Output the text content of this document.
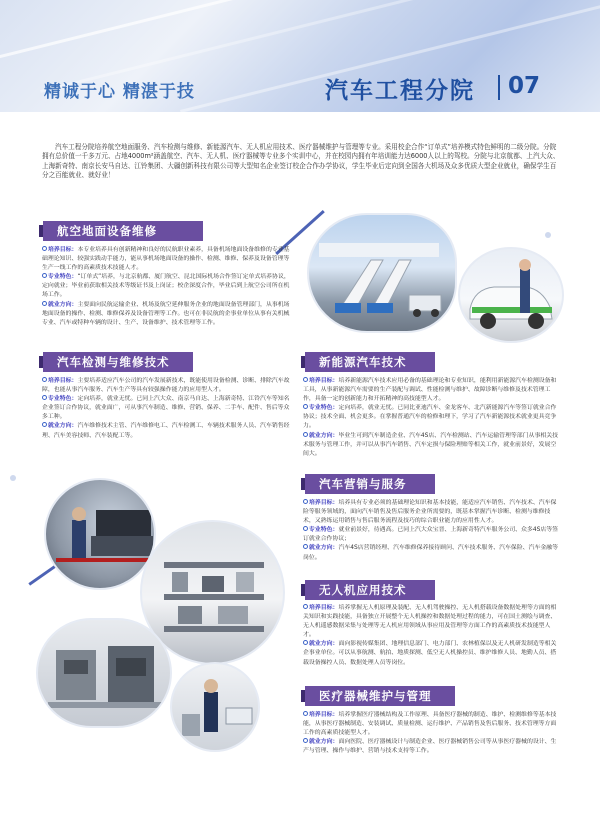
精诚于心 精湛于技	汽车工程分院 07
汽车工程分院培养航空地面服务、汽车检测与维修、新能源汽车、无人机应用技术、医疗器械维护与管理等专业。采用校企合作“订单式”培养模式特色鲜明的二级分院。分院拥有总价值一千多万元、占地4000m²涵盖航空、汽车、无人机、医疗器械等专业多个实训中心，并在校园内拥有年培训能力达6000人以上的驾校。分院与北京航都、上汽大众、上海新奇特、南京长安马自达、江铃集团、大疆创新科技有限公司等大型知名企业签订校企合作办学协议，学生毕业后定向到全国各大机场及众多优质大型企业就业，确保学生百分之百能就业、就好业！
航空地面设备维修

培养目标：本专业培养具有创新精神和良好的民航职业素养，具备机场地面设备维修的专业基础理论知识、较强实践动手能力，能从事机场地面设备的操作、检测、维修、保养及设备管理等生产一线工作的高素质技术技能人才。

专业特色：“订单式”培养，与北京航都、厦门航空、昆北国际机场合作签订定单式培养协议，定向就业；毕业前获取相关技术等级证书及上岗证；校企深度合作，毕业后到上航空公司所在机场工作。

就业方向：主要面向民航运输企业、机场及航空延伸服务企业的地面设备管理部门，从事机场地面设备的操作、检测、维修保养及设备管理等工作。也可在非民航的企事业单位从事有关机械专业、汽车或特种车辆的设计、生产、设备维护、技术管理等工作。

汽车检测与维修技术

培养目标：主要培养适应汽车公司的汽车发展新技术，既能使用设备检测、诊断、排除汽车故障，也能从事汽车服务、汽车生产等具有较强操作能力的应用型人才。

专业特色：定向培养，就业无忧。已同上汽大众、南京马自达、上海新奇特、江铃汽车等知名企业签订合作协议，就业面广，可从事汽车制造、维修、营销、保养、二手车、配件、售后等众多工种。

就业方向：汽车维修技术主管、汽车维修电工、汽车检测工、车辆技术服务人员、汽车销售经理、汽车美容技师、汽车装配工等。

新能源汽车技术

培养目标：培养新能源汽车技术应用必备的基础理论和专业知识，能利用新能源汽车检测设备和工具，从事新能源汽车需要的生产装配与调试、性能检测与维护、故障诊断与维修及技术管理工作，具备一定的创新能力和开拓精神的高技能型人才。

专业特色：定向培养，就业无忧。已同比亚迪汽车、金龙客车、北汽新能源汽车等签订就业合作协议；技术全面、机会更多。在掌握普通汽车的检修和理下，学习了汽车新能源技术就业更具竞争力。

就业方向：毕业生可到汽车制造企业、汽车4S店、汽车检测站、汽车运输管理等部门从事相关技术服务与管理工作，并可以从事汽车销售、汽车定损与保险理赔等相关工作，就业前景好，发展空间大。

汽车营销与服务

培养目标：培养具有专业必须的基础理论知识和基本技能，能适应汽车销售、汽车技术、汽车保险等服务领域的，面向汽车销售及售后服务企业所需要的，既基本掌握汽车诊断、检测与维修技术，又熟练运用销售与售后服务流程及技巧的综合职业能力的应用性人才。

专业特色：就业前景好，待遇高。已同上汽大众宝晋、上海新奇特汽车服务公司、众多4S店等签订就业合作协议；

就业方向：汽车4S店营销经理、汽车维修保养接待顾问、汽车技术服务、汽车保险、汽车金融等岗位。

无人机应用技术

培养目标：培养掌握无人机原理及装配、无人机驾驶操控、无人机搭载设备数据处理等方面的相关知识和实践技能，具备独立开展整个无人机操控和数据处理过程的能力，可在国土测绘与调查、无人机遥感数据采集与处理等无人机应用领域从事应用及管理等方面工作的高素质技术技能型人才。

就业方向：面向影视传媒集团、地理信息部门、电力部门、农林植保以及无人机研发制造等相关企事业单位。可以从事航测、航拍、地质探测、低空无人机操控员、维护维修人员、地勤人员、搭载设备操控人员、数据处理人员等岗位。

医疗器械维护与管理

培养目标：培养掌握医疗器械结构及工作原理、具备医疗器械的制造、维护、检测维修等基本技能，从事医疗器械制造、安装调试、质量检测、运行维护、产品销售及售后服务、技术管理等方面工作的高素质技能型人才。

就业方向：面向医院、医疗器械设计与制造企业、医疗器械销售公司等从事医疗器械的设计、生产与管理、操作与维护、营销与技术支持等工作。
